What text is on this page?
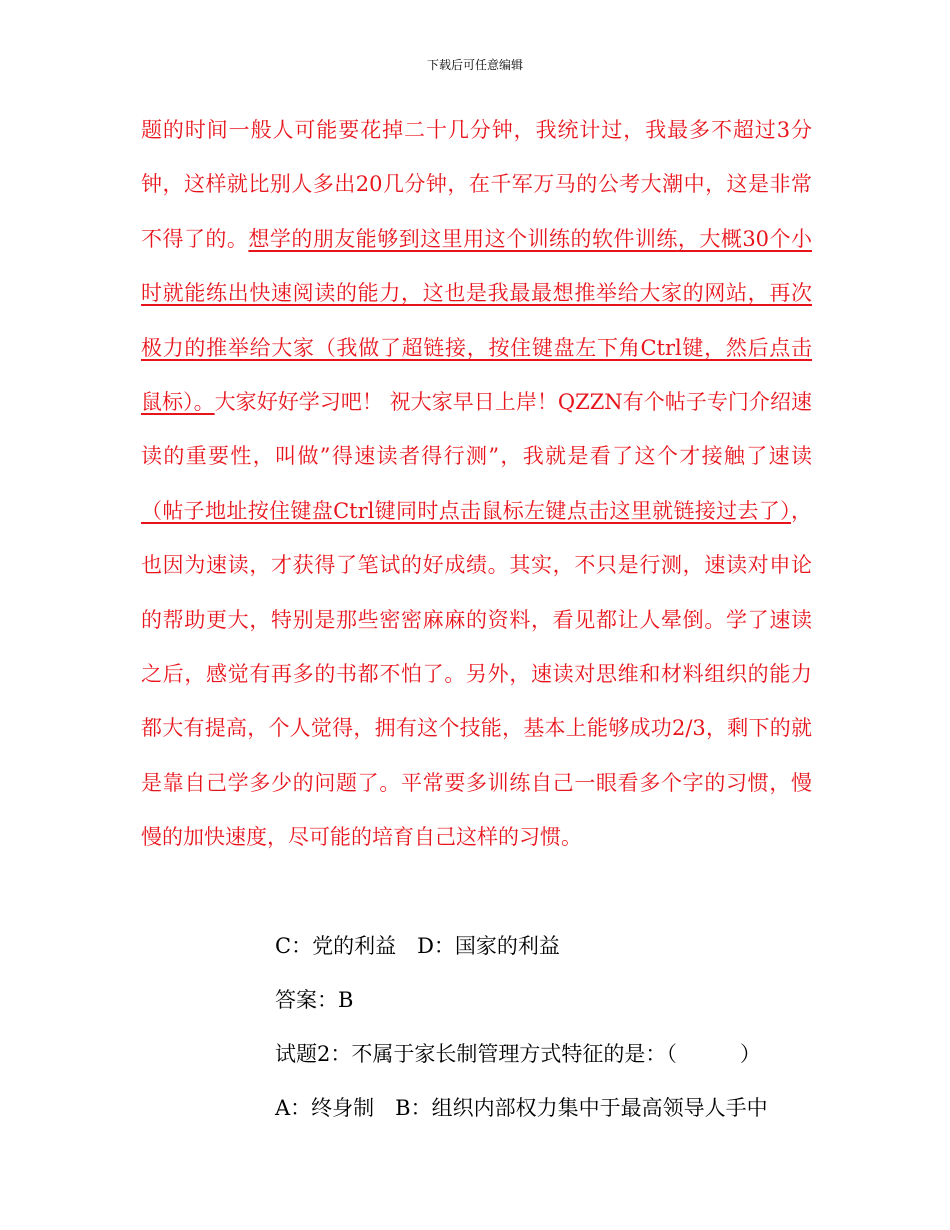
下载后可任意编辑

题的时间一般人可能要花掉二十几分钟，我统计过，我最多不超过3分钟，这样就比别人多出20几分钟，在千军万马的公考大潮中，这是非常不得了的。想学的朋友能够到这里用这个训练的软件训练，大概30个小时就能练出快速阅读的能力，这也是我最最想推举给大家的网站，再次极力的推举给大家（我做了超链接，按住键盘左下角Ctrl键，然后点击鼠标）。大家好好学习吧！ 祝大家早日上岸！QZZN有个帖子专门介绍速读的重要性，叫做”得速读者得行测”，我就是看了这个才接触了速读（帖子地址按住键盘Ctrl键同时点击鼠标左键点击这里就链接过去了），也因为速读，才获得了笔试的好成绩。其实，不只是行测，速读对申论的帮助更大，特别是那些密密麻麻的资料，看见都让人晕倒。学了速读之后，感觉有再多的书都不怕了。另外，速读对思维和材料组织的能力都大有提高，个人觉得，拥有这个技能，基本上能够成功2/3，剩下的就是靠自己学多少的问题了。平常要多训练自己一眼看多个字的习惯，慢慢的加快速度，尽可能的培育自己这样的习惯。

C：党的利益　D：国家的利益

答案：B

试题2：不属于家长制管理方式特征的是：（　　　）

A：终身制　B：组织内部权力集中于最高领导人手中
